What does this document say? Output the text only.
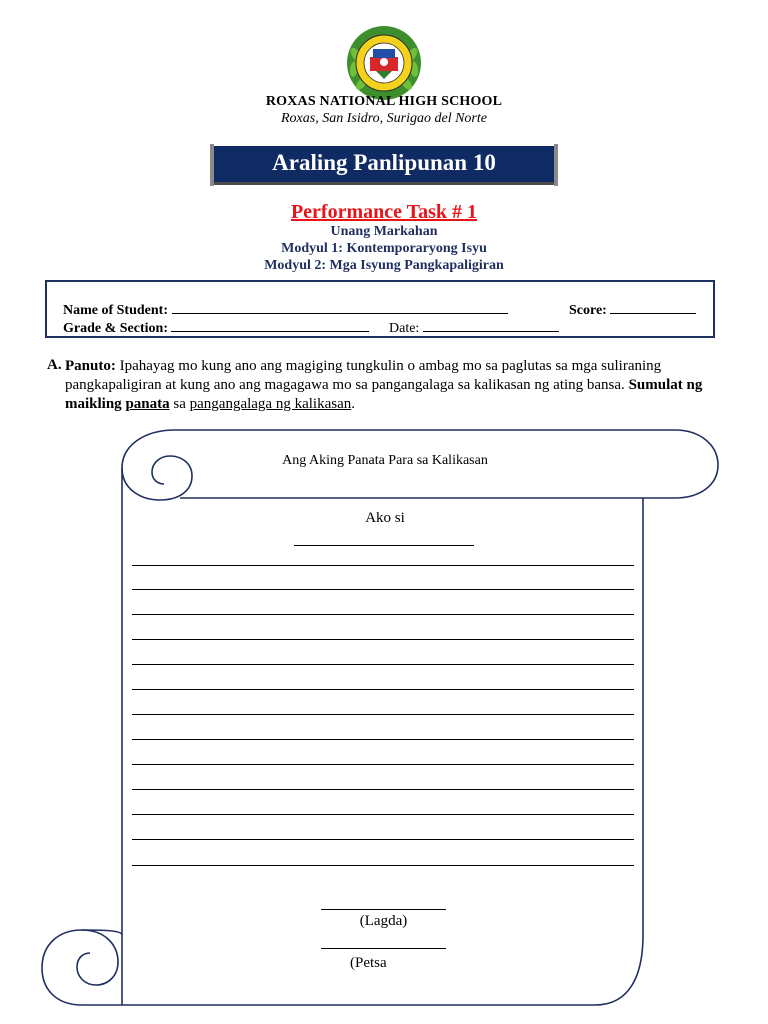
ROXAS NATIONAL HIGH SCHOOL
Roxas, San Isidro, Surigao del Norte
Araling Panlipunan 10
Performance Task # 1
Unang Markahan
Modyul 1: Kontemporaryong Isyu
Modyul 2: Mga Isyung Pangkapaligiran
Name of Student:	Score:
Grade & Section:	Date:
A. Panuto: Ipahayag mo kung ano ang magiging tungkulin o ambag mo sa paglutas sa mga suliraning pangkapaligiran at kung ano ang magagawa mo sa pangangalaga sa kalikasan ng ating bansa. Sumulat ng maikling panata sa pangangalaga ng kalikasan.
Ang Aking Panata Para sa Kalikasan
Ako si
(Lagda)
(Petsa
